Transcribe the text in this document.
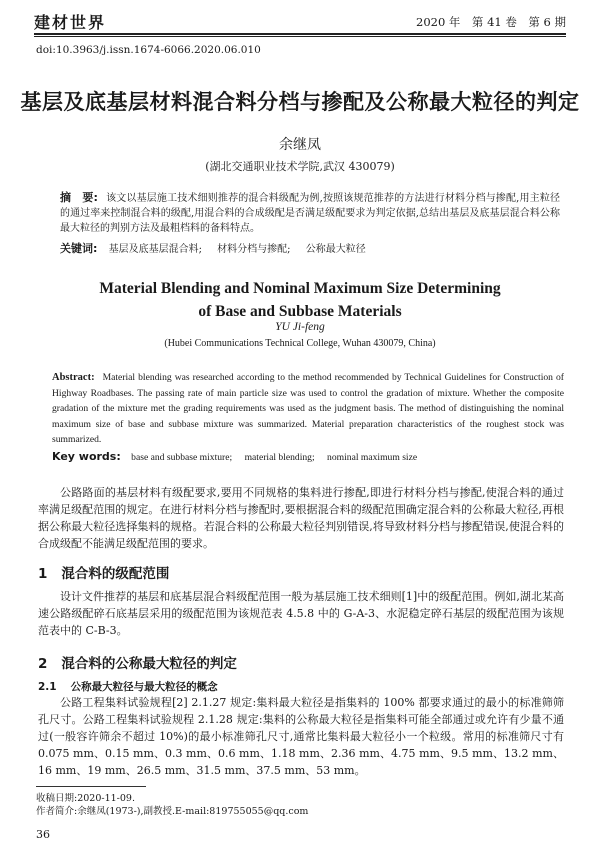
建材世界	2020 年　第 41 卷　第 6 期
doi:10.3963/j.issn.1674-6066.2020.06.010
基层及底基层材料混合料分档与掺配及公称最大粒径的判定
余继凤
(湖北交通职业技术学院,武汉 430079)
摘　要: 该文以基层施工技术细则推荐的混合料级配为例,按照该规范推荐的方法进行材料分档与掺配,用主粒径的通过率来控制混合料的级配,用混合料的合成级配是否满足级配要求为判定依据,总结出基层及底基层混合料公称最大粒径的判别方法及最粗档料的备料特点。
关键词: 基层及底基层混合料; 材料分档与掺配; 公称最大粒径
Material Blending and Nominal Maximum Size Determining
of Base and Subbase Materials
YU Ji-feng
(Hubei Communications Technical College, Wuhan 430079, China)
Abstract: Material blending was researched according to the method recommended by Technical Guidelines for Construction of Highway Roadbases. The passing rate of main particle size was used to control the gradation of mixture. Whether the composite gradation of the mixture met the grading requirements was used as the judgment basis. The method of distinguishing the nominal maximum size of base and subbase mixture was summarized. Material preparation characteristics of the roughest stock was summarized.
Key words: base and subbase mixture; material blending; nominal maximum size
公路路面的基层材料有级配要求,要用不同规格的集料进行掺配,即进行材料分档与掺配,使混合料的通过率满足级配范围的规定。在进行材料分档与掺配时,要根据混合料的级配范围确定混合料的公称最大粒径,再根据公称最大粒径选择集料的规格。若混合料的公称最大粒径判别错误,将导致材料分档与掺配错误,使混合料的合成级配不能满足级配范围的要求。
1 混合料的级配范围
设计文件推荐的基层和底基层混合料级配范围一般为基层施工技术细则[1]中的级配范围。例如,湖北某高速公路级配碎石底基层采用的级配范围为该规范表 4.5.8 中的 G-A-3、水泥稳定碎石基层的级配范围为该规范表中的 C-B-3。
2 混合料的公称最大粒径的判定
2.1 公称最大粒径与最大粒径的概念
公路工程集料试验规程[2] 2.1.27 规定:集料最大粒径是指集料的 100% 都要求通过的最小的标准筛筛孔尺寸。公路工程集料试验规程 2.1.28 规定:集料的公称最大粒径是指集料可能全部通过或允许有少量不通过(一般容许筛余不超过 10%)的最小标准筛孔尺寸,通常比集料最大粒径小一个粒级。常用的标准筛尺寸有 0.075 mm、0.15 mm、0.3 mm、0.6 mm、1.18 mm、2.36 mm、4.75 mm、9.5 mm、13.2 mm、16 mm、19 mm、26.5 mm、31.5 mm、37.5 mm、53 mm。
收稿日期:2020-11-09.
作者简介:余继凤(1973-),副教授.E-mail:819755055@qq.com
36
